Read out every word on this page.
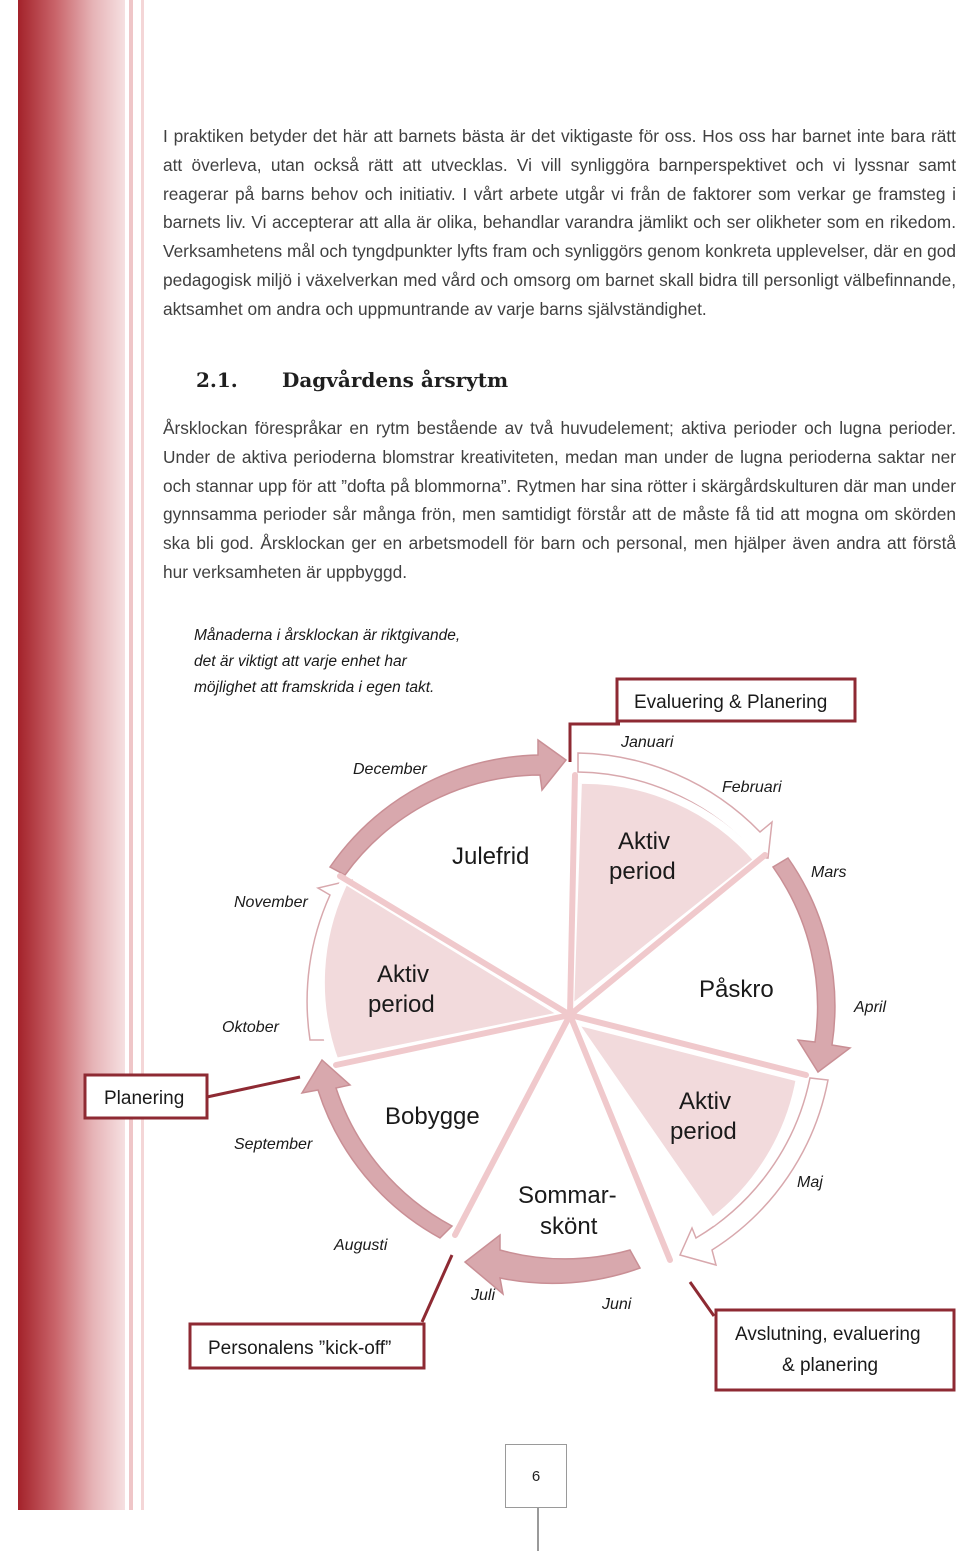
I praktiken betyder det här att barnets bästa är det viktigaste för oss. Hos oss har barnet inte bara rätt att överleva, utan också rätt att utvecklas. Vi vill synliggöra barnperspektivet och vi lyssnar samt reagerar på barns behov och initiativ. I vårt arbete utgår vi från de faktorer som verkar ge framsteg i barnets liv. Vi accepterar att alla är olika, behandlar varandra jämlikt och ser olikheter som en rikedom. Verksamhetens mål och tyngdpunkter lyfts fram och synliggörs genom konkreta upplevelser, där en god pedagogisk miljö i växelverkan med vård och omsorg om barnet skall bidra till personligt välbefinnande, aktsamhet om andra och uppmuntrande av varje barns självständighet.

2.1. Dagvårdens årsrytm

Årsklockan förespråkar en rytm bestående av två huvudelement; aktiva perioder och lugna perioder. Under de aktiva perioderna blomstrar kreativiteten, medan man under de lugna perioderna saktar ner och stannar upp för att ”dofta på blommorna”. Rytmen har sina rötter i skärgårdskulturen där man under gynnsamma perioder sår många frön, men samtidigt förstår att de måste få tid att mogna om skörden ska bli god. Årsklockan ger en arbetsmodell för barn och personal, men hjälper även andra att förstå hur verksamheten är uppbyggd.

Månaderna i årsklockan är riktgivande,
det är viktigt att varje enhet har
möjlighet att framskrida i egen takt.
Julefrid
Aktiv
period
Påskro
Aktiv
period
Sommar-
skönt
Bobygge
Aktiv
period
Januari
Februari
Mars
April
Maj
Juni
Juli
Augusti
September
Oktober
November
December
Evaluering & Planering
Planering
Personalens ”kick-off”
Avslutning, evaluering
& planering
6
